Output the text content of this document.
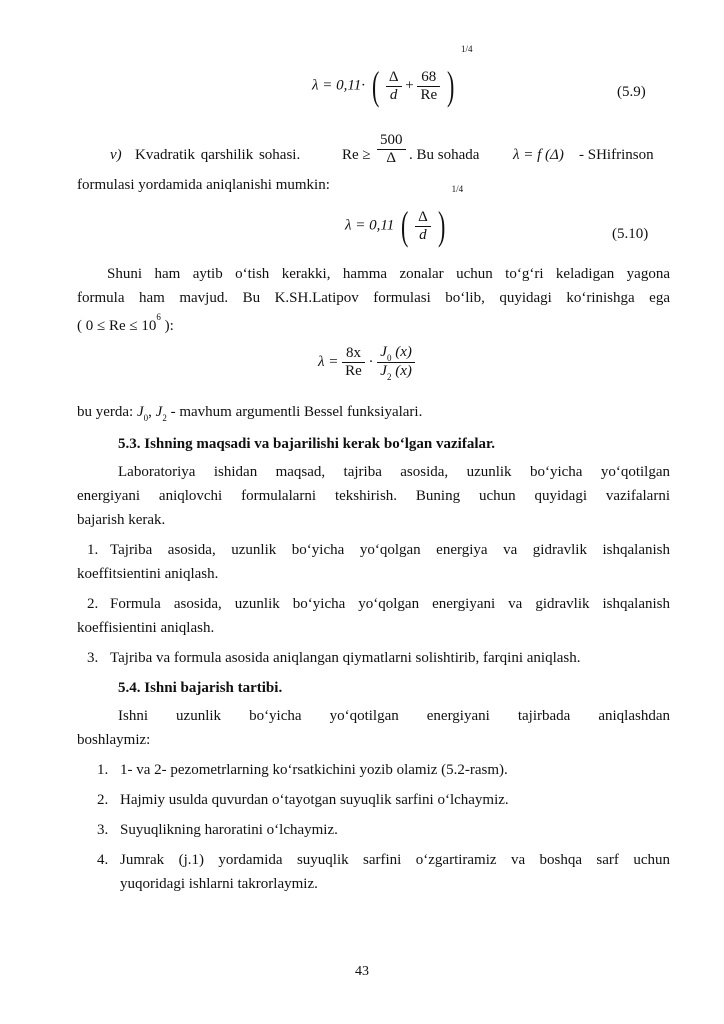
λ = 0,11· ( $\frac{\Delta}{d} + \frac{68}{Re}$ ) $^{1/4}$
(5.9)
v) Kvadratik qarshilik sohasi.	$Re \ge \frac{500}{\Delta}$ . Bu sohada λ = f (Δ) - SHifrinson
formulasi yordamida aniqlanishi mumkin:
λ = 0,11 ( $\frac{\Delta}{d}$ ) $^{1/4}$
(5.10)
Shuni ham aytib oʻtish kerakki, hamma zonalar uchun toʻgʻri keladigan yagona
formula ham mavjud. Bu K.SH.Latipov formulasi boʻlib, quyidagi koʻrinishga ega
( $0 \le Re \le 10^6$ ):
$\lambda = \frac{8x}{Re} \cdot \frac{J_0 (x)}{J_2 (x)}$
bu yerda: $J_0$, $J_2$ - mavhum argumentli Bessel funksiyalari.
5.3. Ishning maqsadi va bajarilishi kerak boʻlgan vazifalar.
Laboratoriya ishidan maqsad, tajriba asosida, uzunlik boʻyicha yoʻqotilgan
energiyani aniqlovchi formulalarni tekshirish. Buning uchun quyidagi vazifalarni
bajarish kerak.
1. Tajriba asosida, uzunlik boʻyicha yoʻqolgan energiya va gidravlik ishqalanish
koeffitsientini aniqlash.
2. Formula asosida, uzunlik boʻyicha yoʻqolgan energiyani va gidravlik ishqalanish
koeffisientini aniqlash.
3. Tajriba va formula asosida aniqlangan qiymatlarni solishtirib, farqini aniqlash.
5.4. Ishni bajarish tartibi.
Ishni uzunlik boʻyicha yoʻqotilgan energiyani tajirbada aniqlashdan
boshlaymiz:
1. 1- va 2- pezometrlarning koʻrsatkichini yozib olamiz (5.2-rasm).
2. Hajmiy usulda quvurdan oʻtayotgan suyuqlik sarfini oʻlchaymiz.
3. Suyuqlikning haroratini oʻlchaymiz.
4. Jumrak (j.1) yordamida suyuqlik sarfini oʻzgartiramiz va boshqa sarf uchun
yuqoridagi ishlarni takrorlaymiz.
43
